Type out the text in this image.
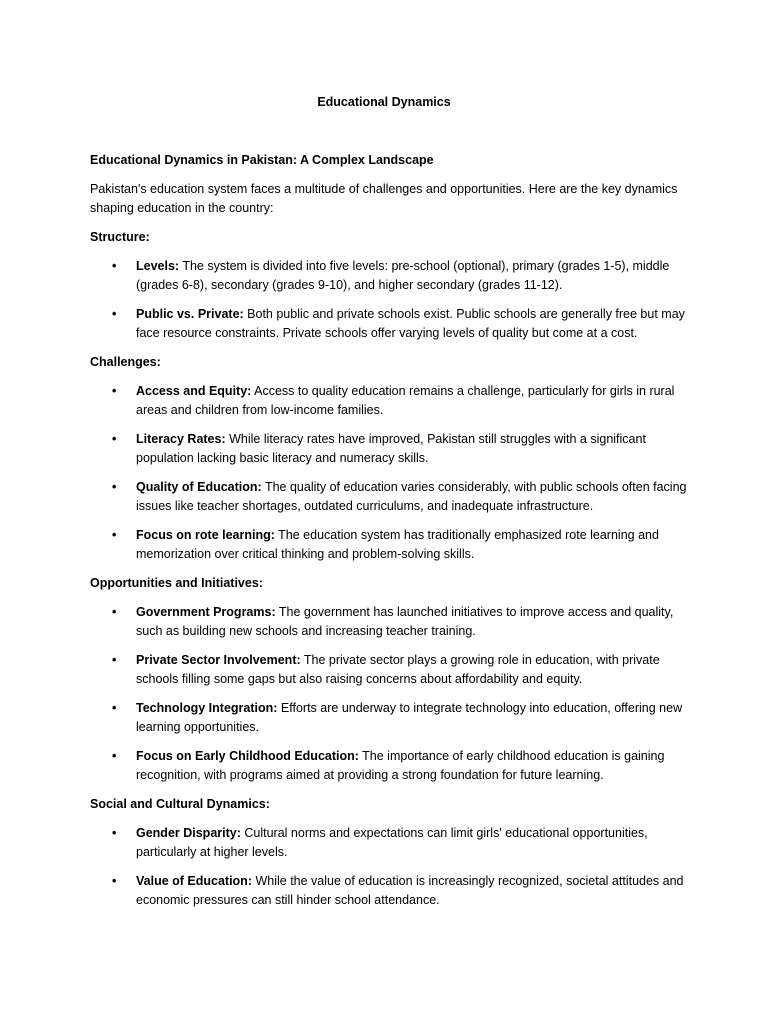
Educational Dynamics
Educational Dynamics in Pakistan: A Complex Landscape
Pakistan's education system faces a multitude of challenges and opportunities. Here are the key dynamics shaping education in the country:
Structure:
• Levels: The system is divided into five levels: pre-school (optional), primary (grades 1-5), middle (grades 6-8), secondary (grades 9-10), and higher secondary (grades 11-12).
• Public vs. Private: Both public and private schools exist. Public schools are generally free but may face resource constraints. Private schools offer varying levels of quality but come at a cost.
Challenges:
• Access and Equity: Access to quality education remains a challenge, particularly for girls in rural areas and children from low-income families.
• Literacy Rates: While literacy rates have improved, Pakistan still struggles with a significant population lacking basic literacy and numeracy skills.
• Quality of Education: The quality of education varies considerably, with public schools often facing issues like teacher shortages, outdated curriculums, and inadequate infrastructure.
• Focus on rote learning: The education system has traditionally emphasized rote learning and memorization over critical thinking and problem-solving skills.
Opportunities and Initiatives:
• Government Programs: The government has launched initiatives to improve access and quality, such as building new schools and increasing teacher training.
• Private Sector Involvement: The private sector plays a growing role in education, with private schools filling some gaps but also raising concerns about affordability and equity.
• Technology Integration: Efforts are underway to integrate technology into education, offering new learning opportunities.
• Focus on Early Childhood Education: The importance of early childhood education is gaining recognition, with programs aimed at providing a strong foundation for future learning.
Social and Cultural Dynamics:
• Gender Disparity: Cultural norms and expectations can limit girls' educational opportunities, particularly at higher levels.
• Value of Education: While the value of education is increasingly recognized, societal attitudes and economic pressures can still hinder school attendance.
